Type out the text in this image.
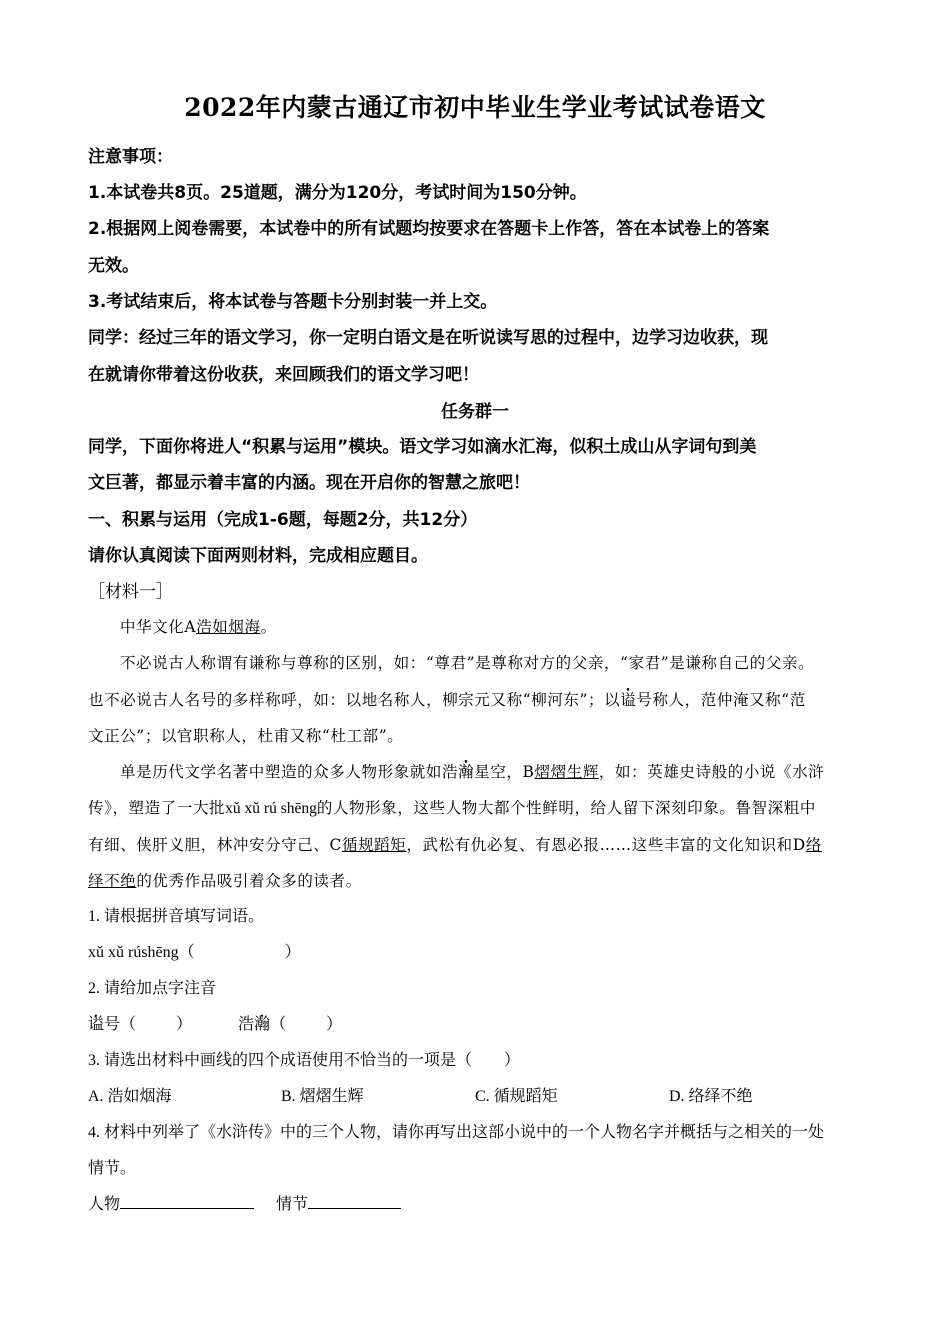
2022年内蒙古通辽市初中毕业生学业考试试卷语文
注意事项：
1.本试卷共8页。25道题，满分为120分，考试时间为150分钟。
2.根据网上阅卷需要，本试卷中的所有试题均按要求在答题卡上作答，答在本试卷上的答案
无效。
3.考试结束后，将本试卷与答题卡分别封装一并上交。
同学：经过三年的语文学习，你一定明白语文是在听说读写思的过程中，边学习边收获，现
在就请你带着这份收获，来回顾我们的语文学习吧！
任务群一
同学，下面你将进人“积累与运用”模块。语文学习如滴水汇海，似积土成山从字词句到美
文巨著，都显示着丰富的内涵。现在开启你的智慧之旅吧！
一、积累与运用（完成1-6题，每题2分，共12分）
请你认真阅读下面两则材料，完成相应题目。
［材料一］
中华文化A浩如烟海。
不必说古人称谓有谦称与尊称的区别，如：“尊君”是尊称对方的父亲，“家君”是谦称自己的父亲。
也不必说古人名号的多样称呼，如：以地名称人，柳宗元又称“柳河东”；以谥号称人，范仲淹又称“范
文正公”；以官职称人，杜甫又称“杜工部”。
单是历代文学名著中塑造的众多人物形象就如浩瀚星空，B熠熠生辉，如：英雄史诗般的小说《水浒
传》，塑造了一大批xǔ xǔ rú shēng的人物形象，这些人物大都个性鲜明，给人留下深刻印象。鲁智深粗中
有细、侠肝义胆，林冲安分守己、C循规蹈矩，武松有仇必复、有恩必报……这些丰富的文化知识和D络
绎不绝的优秀作品吸引着众多的读者。
1. 请根据拼音填写词语。
xǔ xǔ rúshēng（	）
2. 请给加点字注音
谥号（	）	浩瀚（	）
3. 请选出材料中画线的四个成语使用不恰当的一项是（　　）
A. 浩如烟海	B. 熠熠生辉	C. 循规蹈矩	D. 络绎不绝
4. 材料中列举了《水浒传》中的三个人物，请你再写出这部小说中的一个人物名字并概括与之相关的一处
情节。
人物	情节
